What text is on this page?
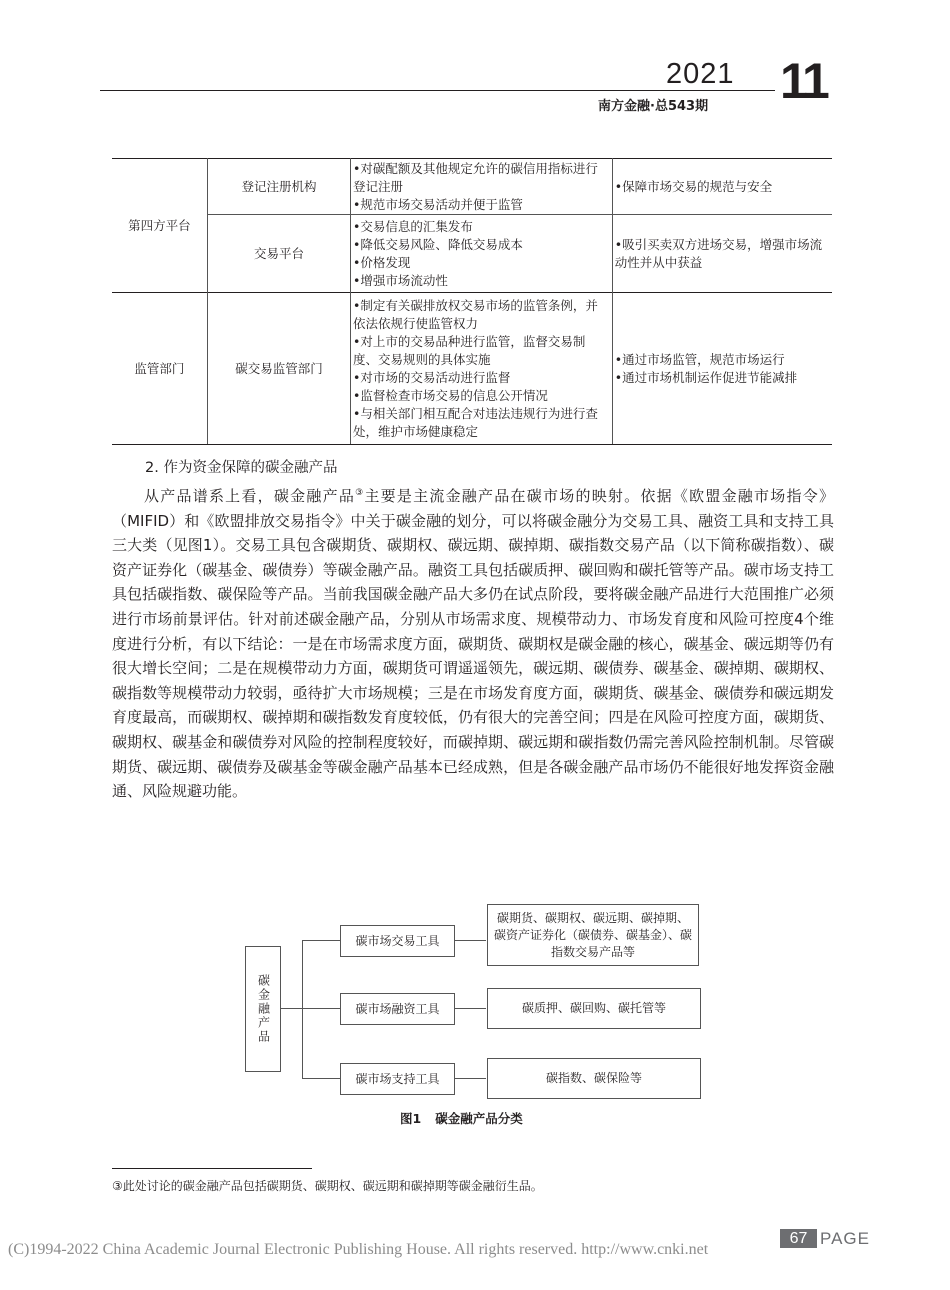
2021 11
南方金融·总543期
第四方平台	登记注册机构	•对碳配额及其他规定允许的碳信用指标进行登记注册
•规范市场交易活动并便于监管	•保障市场交易的规范与安全

	交易平台	•交易信息的汇集发布
•降低交易风险、降低交易成本
•价格发现
•增强市场流动性	•吸引买卖双方进场交易，增强市场流动性并从中获益

监管部门	碳交易监管部门	•制定有关碳排放权交易市场的监管条例，并依法依规行使监管权力
•对上市的交易品种进行监管，监督交易制度、交易规则的具体实施
•对市场的交易活动进行监督
•监督检查市场交易的信息公开情况
•与相关部门相互配合对违法违规行为进行查处，维护市场健康稳定	•通过市场监管，规范市场运行
•通过市场机制运作促进节能减排
2. 作为资金保障的碳金融产品
从产品谱系上看，碳金融产品③主要是主流金融产品在碳市场的映射。依据《欧盟金融市场指令》（MIFID）和《欧盟排放交易指令》中关于碳金融的划分，可以将碳金融分为交易工具、融资工具和支持工具三大类（见图1）。交易工具包含碳期货、碳期权、碳远期、碳掉期、碳指数交易产品（以下简称碳指数）、碳资产证券化（碳基金、碳债券）等碳金融产品。融资工具包括碳质押、碳回购和碳托管等产品。碳市场支持工具包括碳指数、碳保险等产品。当前我国碳金融产品大多仍在试点阶段，要将碳金融产品进行大范围推广必须进行市场前景评估。针对前述碳金融产品，分别从市场需求度、规模带动力、市场发育度和风险可控度4个维度进行分析，有以下结论：一是在市场需求度方面，碳期货、碳期权是碳金融的核心，碳基金、碳远期等仍有很大增长空间；二是在规模带动力方面，碳期货可谓遥遥领先，碳远期、碳债券、碳基金、碳掉期、碳期权、碳指数等规模带动力较弱，亟待扩大市场规模；三是在市场发育度方面，碳期货、碳基金、碳债券和碳远期发育度最高，而碳期权、碳掉期和碳指数发育度较低，仍有很大的完善空间；四是在风险可控度方面，碳期货、碳期权、碳基金和碳债券对风险的控制程度较好，而碳掉期、碳远期和碳指数仍需完善风险控制机制。尽管碳期货、碳远期、碳债券及碳基金等碳金融产品基本已经成熟，但是各碳金融产品市场仍不能很好地发挥资金融通、风险规避功能。
碳金融产品
碳市场交易工具
碳市场融资工具
碳市场支持工具
碳期货、碳期权、碳远期、碳掉期、碳资产证券化（碳债券、碳基金）、碳指数交易产品等
碳质押、碳回购、碳托管等
碳指数、碳保险等
图1 碳金融产品分类
③此处讨论的碳金融产品包括碳期货、碳期权、碳远期和碳掉期等碳金融衍生品。
67 PAGE
(C)1994-2022 China Academic Journal Electronic Publishing House. All rights reserved. http://www.cnki.net
